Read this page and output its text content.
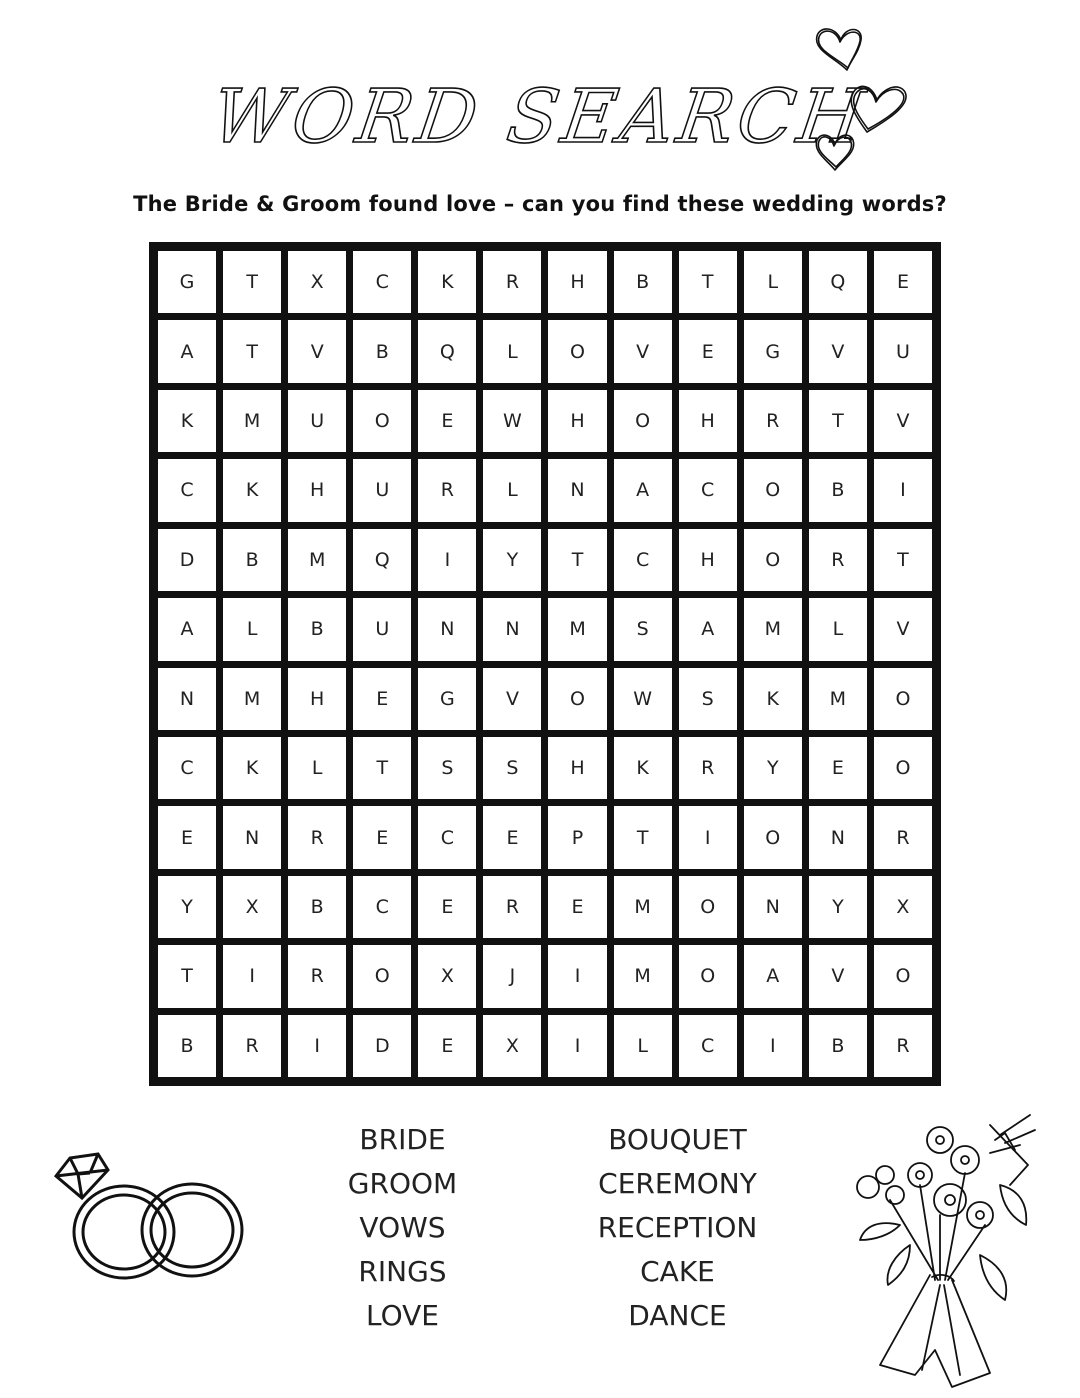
WORD SEARCH
The Bride & Groom found love – can you find these wedding words?
G	T	X	C	K	R	H	B	T	L	Q	E
A	T	V	B	Q	L	O	V	E	G	V	U
K	M	U	O	E	W	H	O	H	R	T	V
C	K	H	U	R	L	N	A	C	O	B	I
D	B	M	Q	I	Y	T	C	H	O	R	T
A	L	B	U	N	N	M	S	A	M	L	V
N	M	H	E	G	V	O	W	S	K	M	O
C	K	L	T	S	S	H	K	R	Y	E	O
E	N	R	E	C	E	P	T	I	O	N	R
Y	X	B	C	E	R	E	M	O	N	Y	X
T	I	R	O	X	J	I	M	O	A	V	O
B	R	I	D	E	X	I	L	C	I	B	R
BRIDE
GROOM
VOWS
RINGS
LOVE
BOUQUET
CEREMONY
RECEPTION
CAKE
DANCE
